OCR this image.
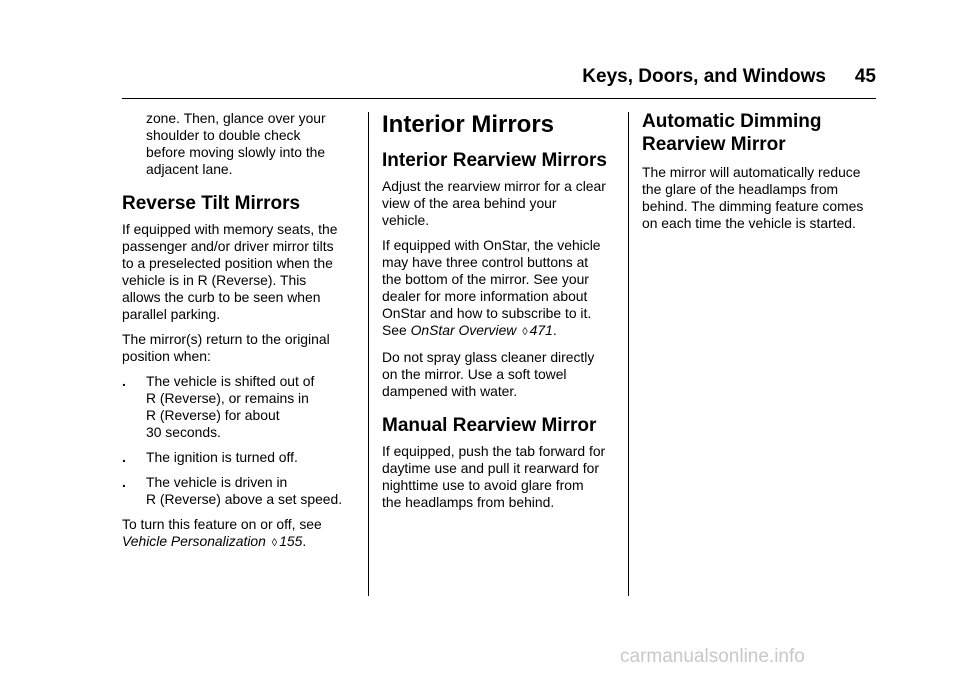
Keys, Doors, and Windows	45

zone. Then, glance over your
shoulder to double check
before moving slowly into the
adjacent lane.

Reverse Tilt Mirrors

If equipped with memory seats, the
passenger and/or driver mirror tilts
to a preselected position when the
vehicle is in R (Reverse). This
allows the curb to be seen when
parallel parking.

The mirror(s) return to the original
position when:

.	The vehicle is shifted out of
R (Reverse), or remains in
R (Reverse) for about
30 seconds.
.	The ignition is turned off.
.	The vehicle is driven in
R (Reverse) above a set speed.

To turn this feature on or off, see
Vehicle Personalization ◊ 155.

Interior Mirrors
Interior Rearview Mirrors

Adjust the rearview mirror for a clear
view of the area behind your
vehicle.

If equipped with OnStar, the vehicle
may have three control buttons at
the bottom of the mirror. See your
dealer for more information about
OnStar and how to subscribe to it.
See OnStar Overview ◊ 471.

Do not spray glass cleaner directly
on the mirror. Use a soft towel
dampened with water.

Manual Rearview Mirror

If equipped, push the tab forward for
daytime use and pull it rearward for
nighttime use to avoid glare from
the headlamps from behind.

Automatic Dimming
Rearview Mirror

The mirror will automatically reduce
the glare of the headlamps from
behind. The dimming feature comes
on each time the vehicle is started.

carmanualsonline.info
